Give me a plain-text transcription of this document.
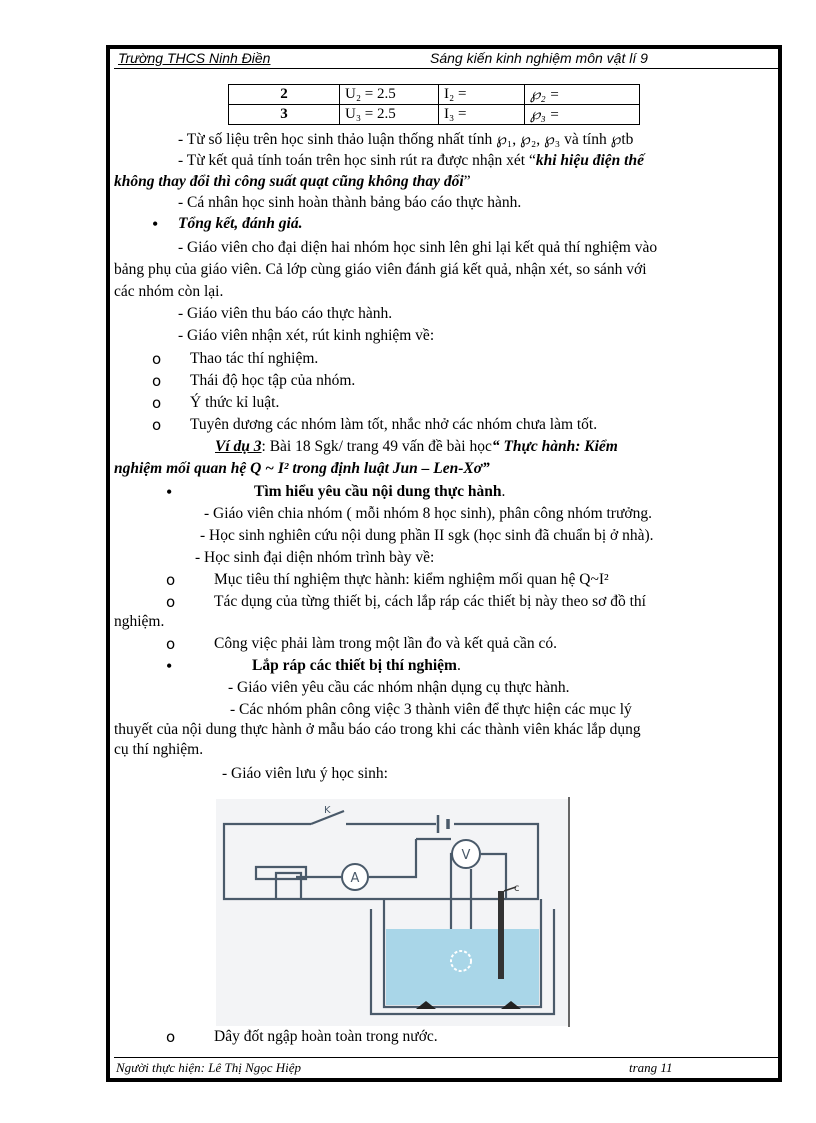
Trường THCS Ninh Điền	Sáng kiến kinh nghiệm môn vật lí 9
2	U₂ = 2.5	I₂ =	℘₂ =
3	U₃ = 2.5	I₃ =	℘₃ =
- Từ số liệu trên học sinh thảo luận thống nhất tính ℘₁, ℘₂, ℘₃ và tính ℘tb
- Từ kết quả tính toán trên học sinh rút ra được nhận xét “khi hiệu điện thế
không thay đổi thì công suất quạt cũng không thay đổi”
- Cá nhân học sinh hoàn thành bảng báo cáo thực hành.
• Tổng kết, đánh giá.
- Giáo viên cho đại diện hai nhóm học sinh lên ghi lại kết quả thí nghiệm vào
bảng phụ của giáo viên. Cả lớp cùng giáo viên đánh giá kết quả, nhận xét, so sánh với
các nhóm còn lại.
- Giáo viên thu báo cáo thực hành.
- Giáo viên nhận xét, rút kinh nghiệm về:
o Thao tác thí nghiệm.
o Thái độ học tập của nhóm.
o Ý thức kỉ luật.
o Tuyên dương các nhóm làm tốt, nhắc nhở các nhóm chưa làm tốt.
Ví dụ 3: Bài 18 Sgk/ trang 49 vấn đề bài học“ Thực hành: Kiểm
nghiệm mối quan hệ Q ~ I² trong định luật Jun – Len-Xơ”
•	Tìm hiểu yêu cầu nội dung thực hành.
- Giáo viên chia nhóm ( mỗi nhóm 8 học sinh), phân công nhóm trưởng.
- Học sinh nghiên cứu nội dung phần II sgk (học sinh đã chuẩn bị ở nhà).
- Học sinh đại diện nhóm trình bày về:
o	Mục tiêu thí nghiệm thực hành: kiểm nghiệm mối quan hệ Q~I²
o	Tác dụng của từng thiết bị, cách lắp ráp các thiết bị này theo sơ đồ thí
nghiệm.
o	Công việc phải làm trong một lần đo và kết quả cần có.
•	Lắp ráp các thiết bị thí nghiệm.
- Giáo viên yêu cầu các nhóm nhận dụng cụ thực hành.
- Các nhóm phân công việc 3 thành viên để thực hiện các mục lý
thuyết của nội dung thực hành ở mẫu báo cáo trong khi các thành viên khác lắp dụng
cụ thí nghiệm.
- Giáo viên lưu ý học sinh:
A
V
K
c
o	Dây đốt ngập hoàn toàn trong nước.
Người thực hiện: Lê Thị Ngọc Hiệp	trang 11
